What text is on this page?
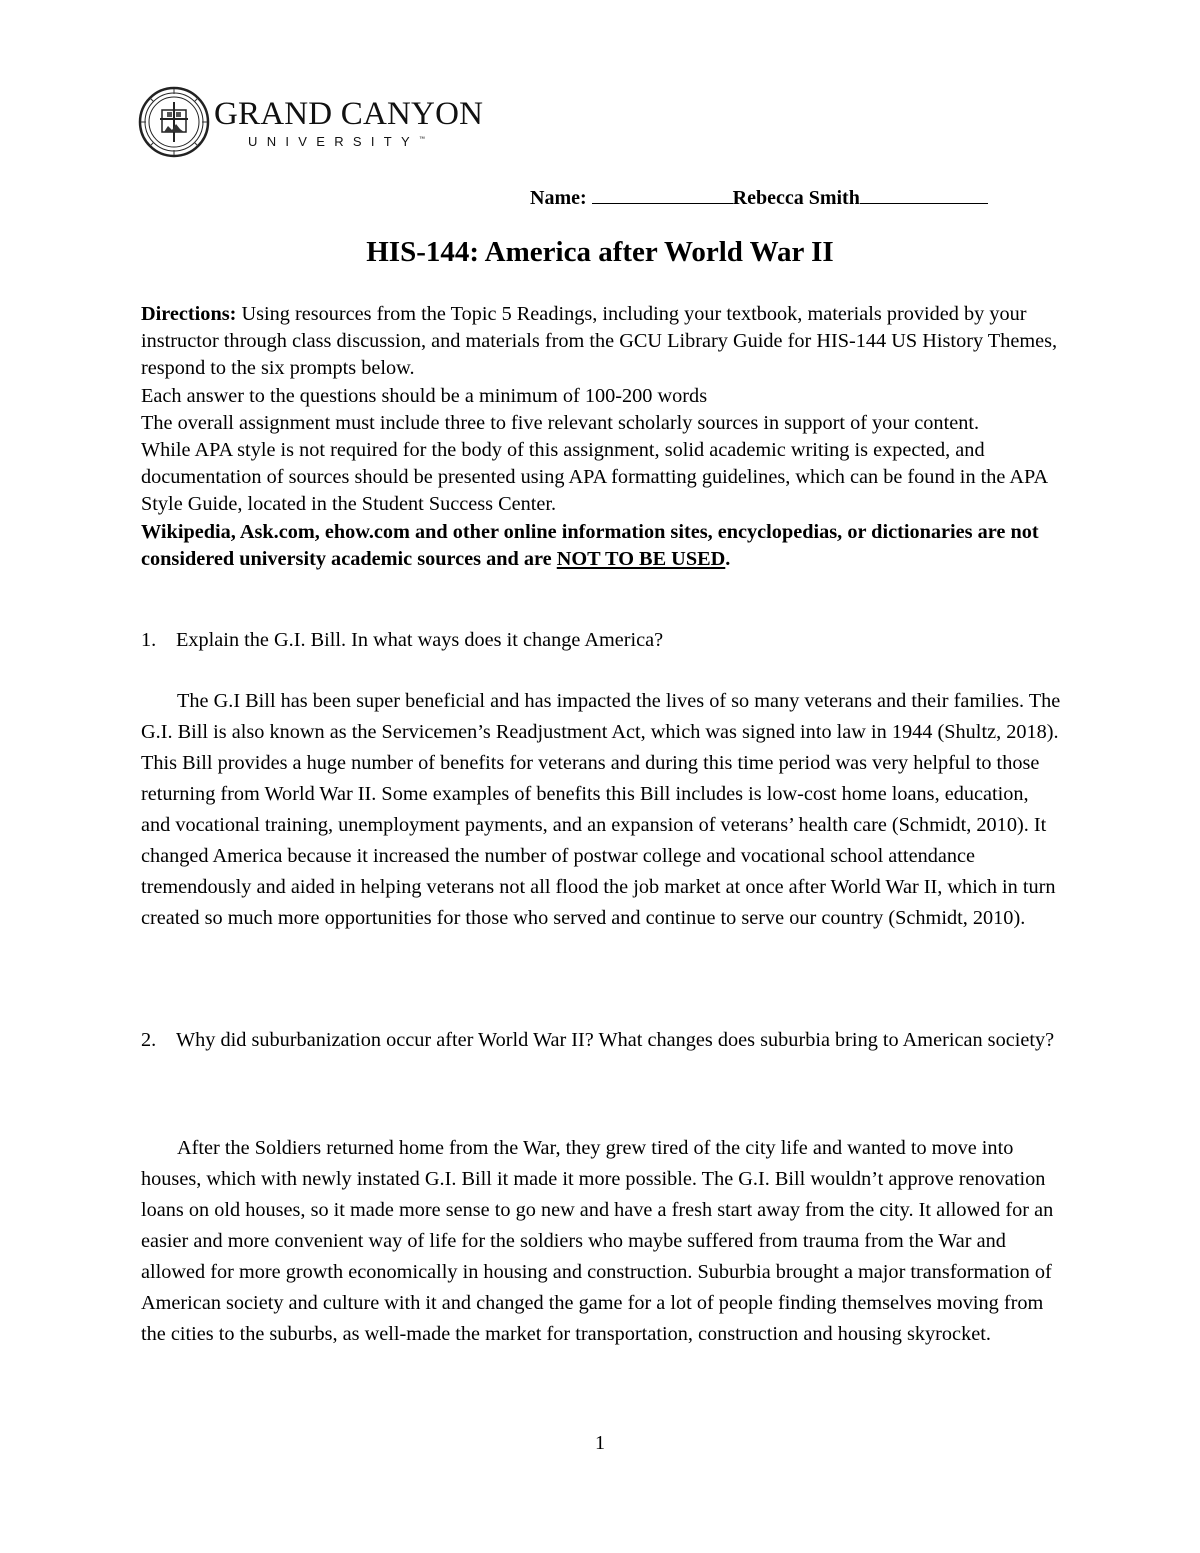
GRAND CANYON
UNIVERSITY™
Name:	Rebecca Smith
HIS-144: America after World War II

Directions: Using resources from the Topic 5 Readings, including your textbook, materials provided by your instructor through class discussion, and materials from the GCU Library Guide for HIS-144 US History Themes, respond to the six prompts below.

Each answer to the questions should be a minimum of 100-200 words

The overall assignment must include three to five relevant scholarly sources in support of your content.

While APA style is not required for the body of this assignment, solid academic writing is expected, and documentation of sources should be presented using APA formatting guidelines, which can be found in the APA Style Guide, located in the Student Success Center.

Wikipedia, Ask.com, ehow.com and other online information sites, encyclopedias, or dictionaries are not considered university academic sources and are NOT TO BE USED.

1. Explain the G.I. Bill. In what ways does it change America?

The G.I Bill has been super beneficial and has impacted the lives of so many veterans and their families. The G.I. Bill is also known as the Servicemen’s Readjustment Act, which was signed into law in 1944 (Shultz, 2018). This Bill provides a huge number of benefits for veterans and during this time period was very helpful to those returning from World War II. Some examples of benefits this Bill includes is low-cost home loans, education, and vocational training, unemployment payments, and an expansion of veterans’ health care (Schmidt, 2010). It changed America because it increased the number of postwar college and vocational school attendance tremendously and aided in helping veterans not all flood the job market at once after World War II, which in turn created so much more opportunities for those who served and continue to serve our country (Schmidt, 2010).

2. Why did suburbanization occur after World War II? What changes does suburbia bring to American society?

After the Soldiers returned home from the War, they grew tired of the city life and wanted to move into houses, which with newly instated G.I. Bill it made it more possible. The G.I. Bill wouldn’t approve renovation loans on old houses, so it made more sense to go new and have a fresh start away from the city. It allowed for an easier and more convenient way of life for the soldiers who maybe suffered from trauma from the War and allowed for more growth economically in housing and construction. Suburbia brought a major transformation of American society and culture with it and changed the game for a lot of people finding themselves moving from the cities to the suburbs, as well-made the market for transportation, construction and housing skyrocket.

1
